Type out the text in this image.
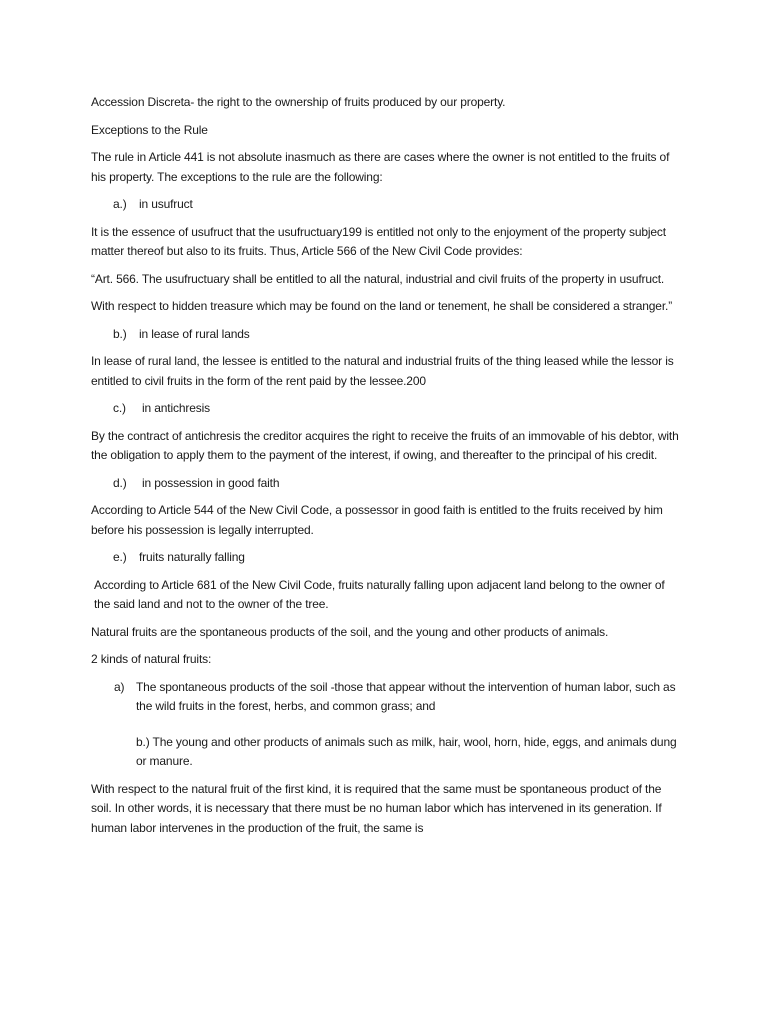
Accession Discreta- the right to the ownership of fruits produced by our property.

Exceptions to the Rule

The rule in Article 441 is not absolute inasmuch as there are cases where the owner is not entitled to the fruits of his property. The exceptions to the rule are the following:

a.) in usufruct

It is the essence of usufruct that the usufructuary199 is entitled not only to the enjoyment of the property subject matter thereof but also to its fruits. Thus, Article 566 of the New Civil Code provides:

“Art. 566. The usufructuary shall be entitled to all the natural, industrial and civil fruits of the property in usufruct.

With respect to hidden treasure which may be found on the land or tenement, he shall be considered a stranger.”

b.) in lease of rural lands

In lease of rural land, the lessee is entitled to the natural and industrial fruits of the thing leased while the lessor is entitled to civil fruits in the form of the rent paid by the lessee.200

c.) in antichresis

By the contract of antichresis the creditor acquires the right to receive the fruits of an immovable of his debtor, with the obligation to apply them to the payment of the interest, if owing, and thereafter to the principal of his credit.

d.) in possession in good faith

According to Article 544 of the New Civil Code, a possessor in good faith is entitled to the fruits received by him before his possession is legally interrupted.

e.) fruits naturally falling

According to Article 681 of the New Civil Code, fruits naturally falling upon adjacent land belong to the owner of the said land and not to the owner of the tree.

Natural fruits are the spontaneous products of the soil, and the young and other products of animals.

2 kinds of natural fruits:

a) The spontaneous products of the soil -those that appear without the intervention of human labor, such as the wild fruits in the forest, herbs, and common grass; and
b.) The young and other products of animals such as milk, hair, wool, horn, hide, eggs, and animals dung or manure.

With respect to the natural fruit of the first kind, it is required that the same must be spontaneous product of the soil. In other words, it is necessary that there must be no human labor which has intervened in its generation. If human labor intervenes in the production of the fruit, the same is
